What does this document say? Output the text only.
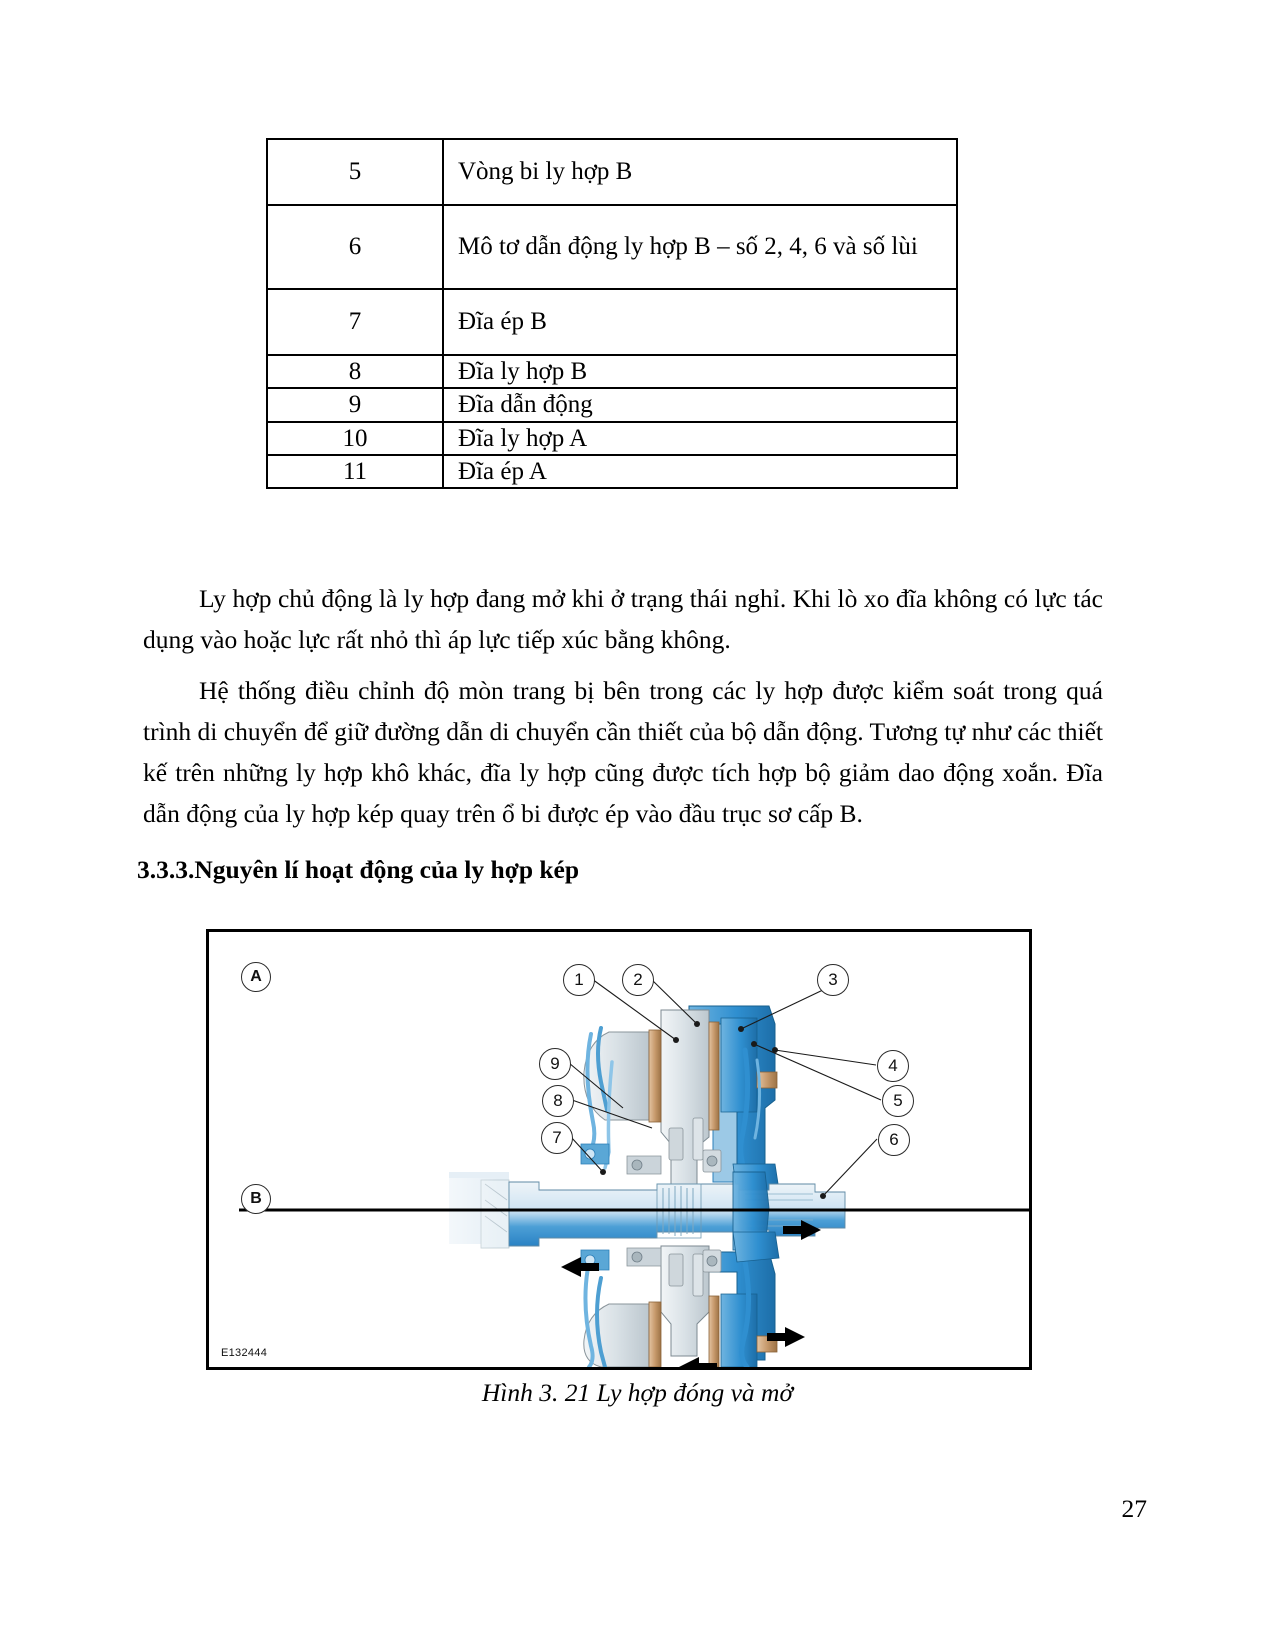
5	Vòng bi ly hợp B
6	Mô tơ dẫn động ly hợp B – số 2, 4, 6 và số lùi
7	Đĩa ép B
8	Đĩa ly hợp B
9	Đĩa dẫn động
10	Đĩa ly hợp A
11	Đĩa ép A

Ly hợp chủ động là ly hợp đang mở khi ở trạng thái nghỉ. Khi lò xo đĩa không có lực tác dụng vào hoặc lực rất nhỏ thì áp lực tiếp xúc bằng không.

Hệ thống điều chỉnh độ mòn trang bị bên trong các ly hợp được kiểm soát trong quá trình di chuyển để giữ đường dẫn di chuyển cần thiết của bộ dẫn động. Tương tự như các thiết kế trên những ly hợp khô khác, đĩa ly hợp cũng được tích hợp bộ giảm dao động xoắn. Đĩa dẫn động của ly hợp kép quay trên ổ bi được ép vào đầu trục sơ cấp B.

3.3.3.Nguyên lí hoạt động của ly hợp kép
A
B
1	2	3
4
5
6
7
8
9
E132444
Hình 3. 21 Ly hợp đóng và mở
27
